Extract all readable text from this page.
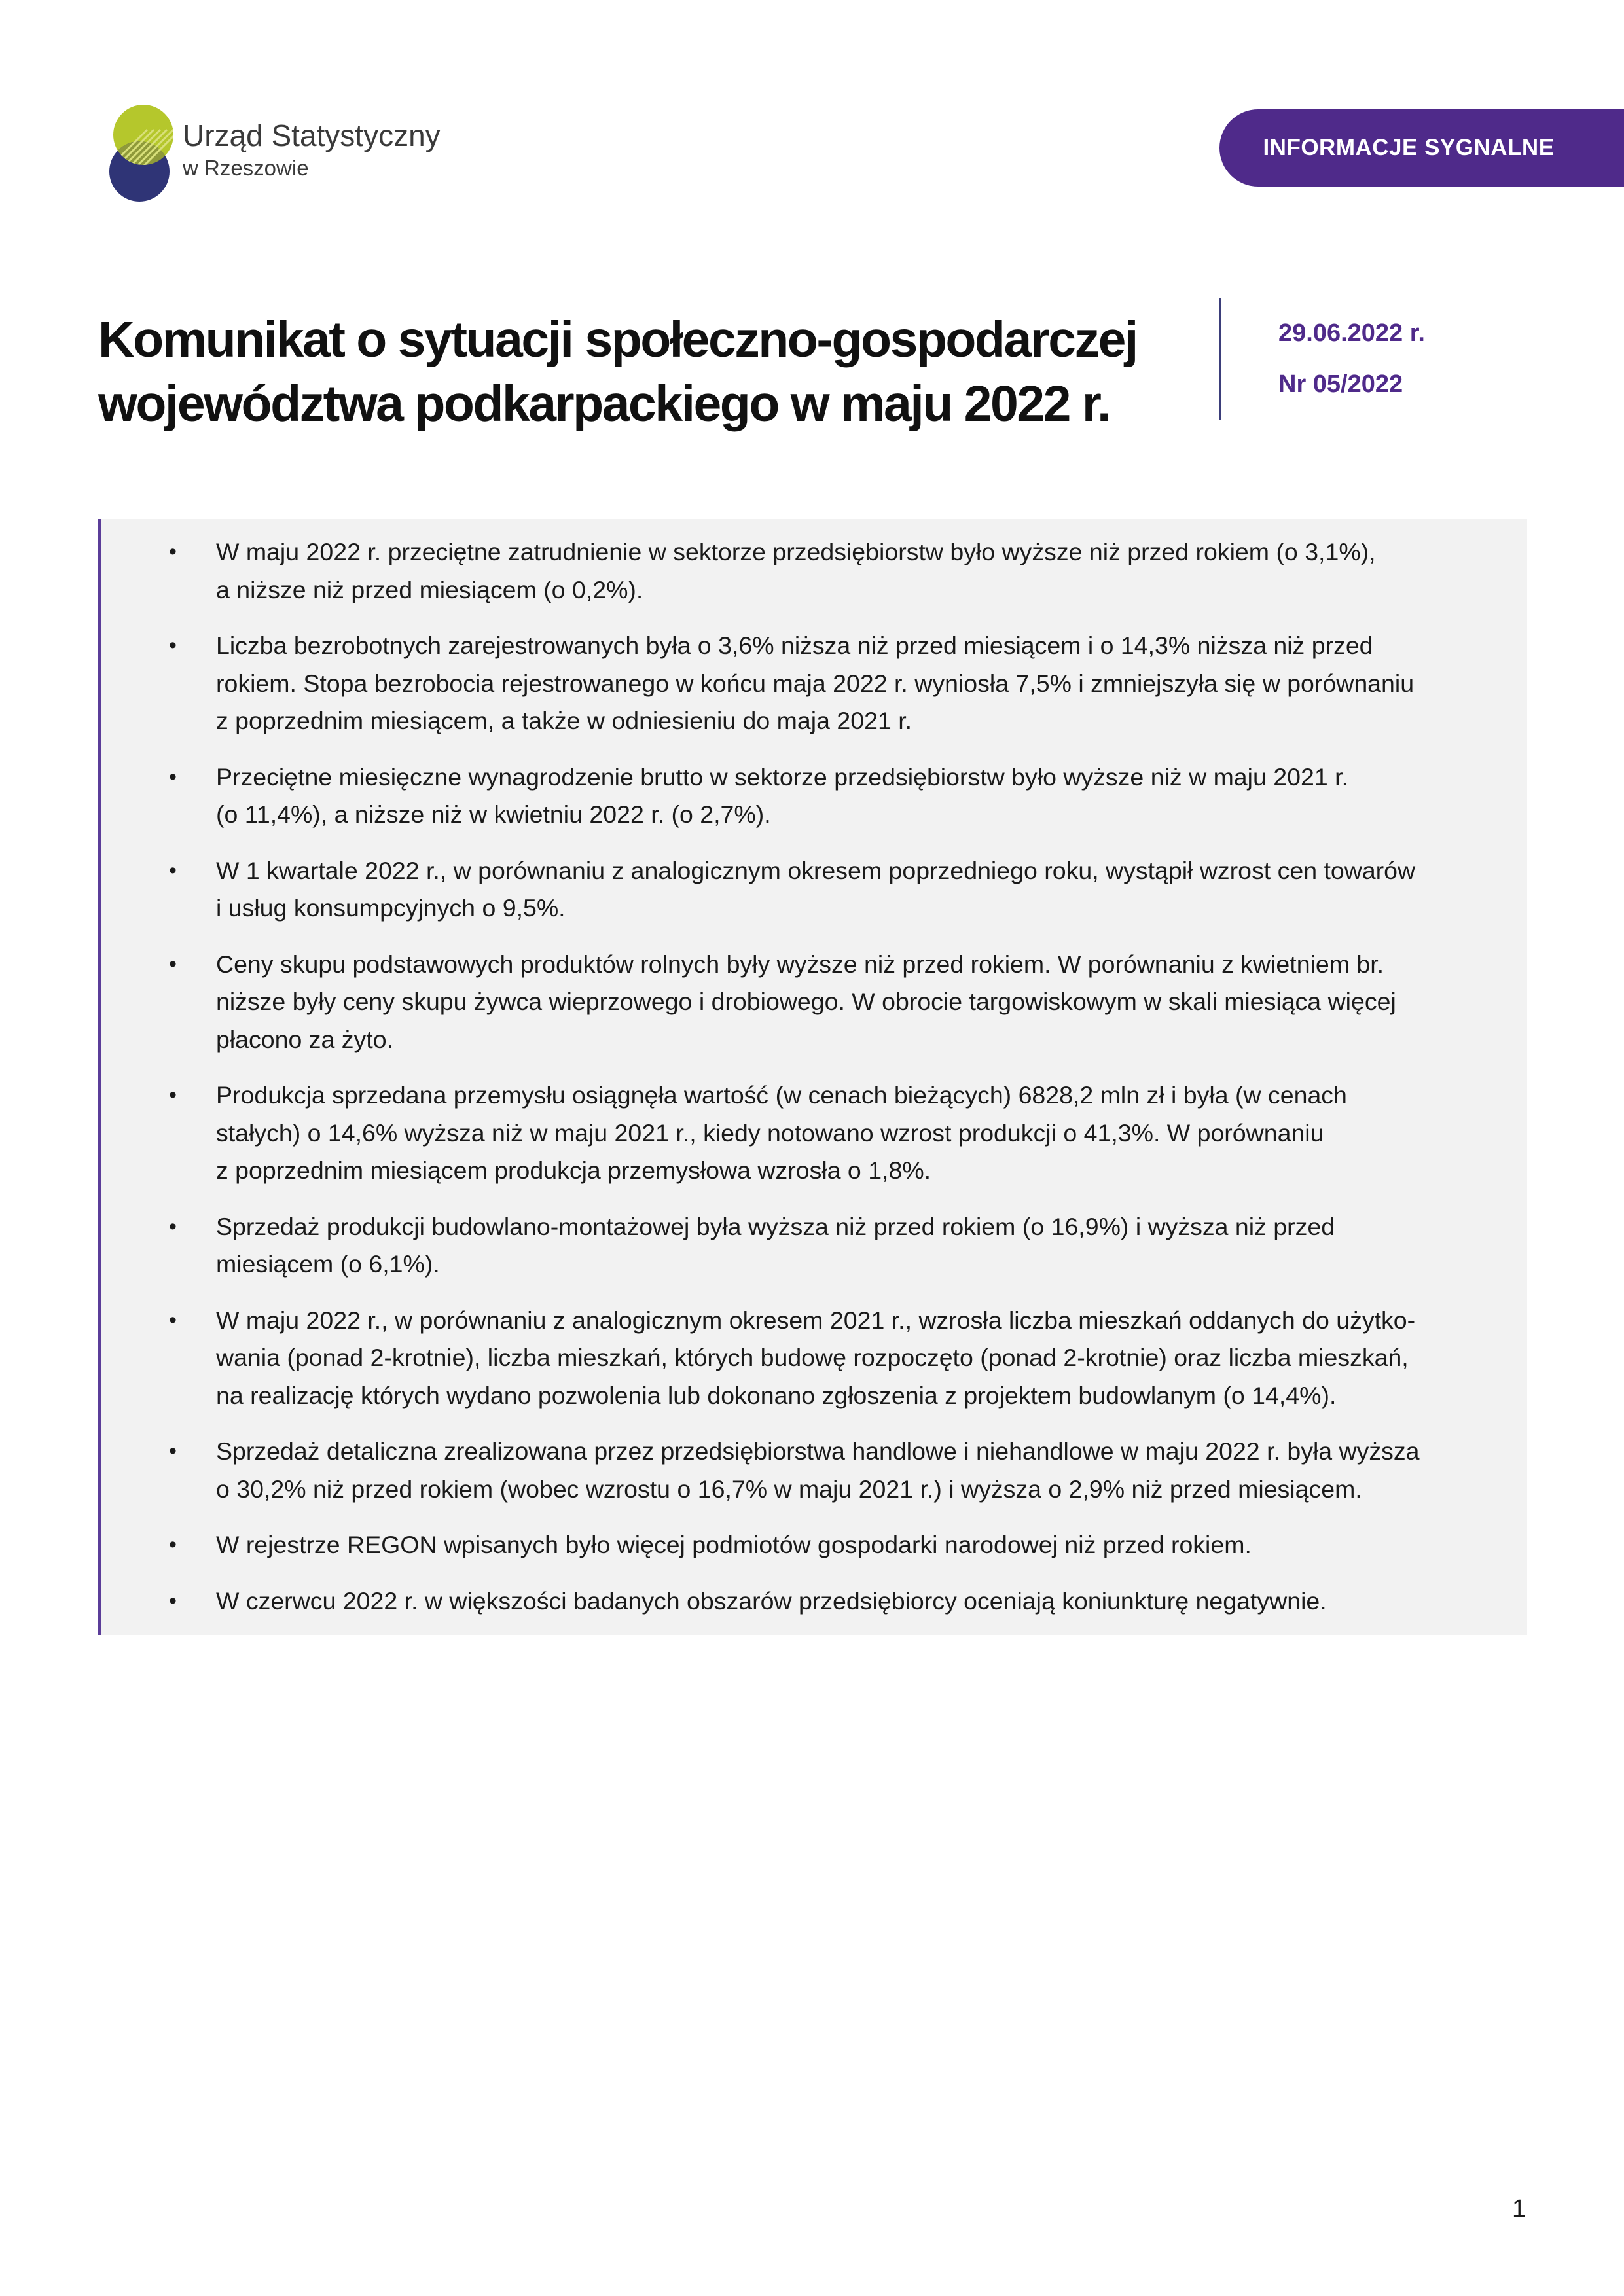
Urząd Statystyczny
w Rzeszowie
INFORMACJE SYGNALNE
Komunikat o sytuacji społeczno-gospodarczej
województwa podkarpackiego w maju 2022 r.
29.06.2022 r.
Nr 05/2022
• W maju 2022 r. przeciętne zatrudnienie w sektorze przedsiębiorstw było wyższe niż przed rokiem (o 3,1%),
a niższe niż przed miesiącem (o 0,2%).
• Liczba bezrobotnych zarejestrowanych była o 3,6% niższa niż przed miesiącem i o 14,3% niższa niż przed
rokiem. Stopa bezrobocia rejestrowanego w końcu maja 2022 r. wyniosła 7,5% i zmniejszyła się w porównaniu
z poprzednim miesiącem, a także w odniesieniu do maja 2021 r.
• Przeciętne miesięczne wynagrodzenie brutto w sektorze przedsiębiorstw było wyższe niż w maju 2021 r.
(o 11,4%), a niższe niż w kwietniu 2022 r. (o 2,7%).
• W 1 kwartale 2022 r., w porównaniu z analogicznym okresem poprzedniego roku, wystąpił wzrost cen towarów
i usług konsumpcyjnych o 9,5%.
• Ceny skupu podstawowych produktów rolnych były wyższe niż przed rokiem. W porównaniu z kwietniem br.
niższe były ceny skupu żywca wieprzowego i drobiowego. W obrocie targowiskowym w skali miesiąca więcej
płacono za żyto.
• Produkcja sprzedana przemysłu osiągnęła wartość (w cenach bieżących) 6828,2 mln zł i była (w cenach
stałych) o 14,6% wyższa niż w maju 2021 r., kiedy notowano wzrost produkcji o 41,3%. W porównaniu
z poprzednim miesiącem produkcja przemysłowa wzrosła o 1,8%.
• Sprzedaż produkcji budowlano-montażowej była wyższa niż przed rokiem (o 16,9%) i wyższa niż przed
miesiącem (o 6,1%).
• W maju 2022 r., w porównaniu z analogicznym okresem 2021 r., wzrosła liczba mieszkań oddanych do użytko-
wania (ponad 2-krotnie), liczba mieszkań, których budowę rozpoczęto (ponad 2-krotnie) oraz liczba mieszkań,
na realizację których wydano pozwolenia lub dokonano zgłoszenia z projektem budowlanym (o 14,4%).
• Sprzedaż detaliczna zrealizowana przez przedsiębiorstwa handlowe i niehandlowe w maju 2022 r. była wyższa
o 30,2% niż przed rokiem (wobec wzrostu o 16,7% w maju 2021 r.) i wyższa o 2,9% niż przed miesiącem.
• W rejestrze REGON wpisanych było więcej podmiotów gospodarki narodowej niż przed rokiem.
• W czerwcu 2022 r. w większości badanych obszarów przedsiębiorcy oceniają koniunkturę negatywnie.
1
